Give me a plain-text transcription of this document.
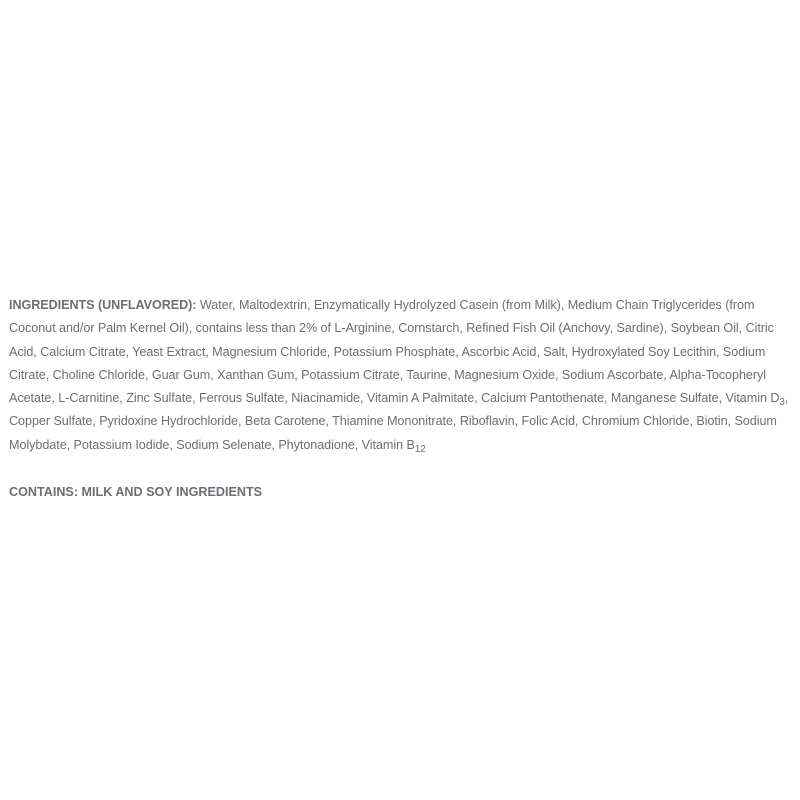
INGREDIENTS (UNFLAVORED): Water, Maltodextrin, Enzymatically Hydrolyzed Casein (from Milk), Medium Chain Triglycerides (from Coconut and/or Palm Kernel Oil), contains less than 2% of L-Arginine, Cornstarch, Refined Fish Oil (Anchovy, Sardine), Soybean Oil, Citric Acid, Calcium Citrate, Yeast Extract, Magnesium Chloride, Potassium Phosphate, Ascorbic Acid, Salt, Hydroxylated Soy Lecithin, Sodium Citrate, Choline Chloride, Guar Gum, Xanthan Gum, Potassium Citrate, Taurine, Magnesium Oxide, Sodium Ascorbate, Alpha-Tocopheryl Acetate, L-Carnitine, Zinc Sulfate, Ferrous Sulfate, Niacinamide, Vitamin A Palmitate, Calcium Pantothenate, Manganese Sulfate, Vitamin $D_3$, Copper Sulfate, Pyridoxine Hydrochloride, Beta Carotene, Thiamine Mononitrate, Riboflavin, Folic Acid, Chromium Chloride, Biotin, Sodium Molybdate, Potassium Iodide, Sodium Selenate, Phytonadione, Vitamin $B_{12}$

CONTAINS: MILK AND SOY INGREDIENTS
